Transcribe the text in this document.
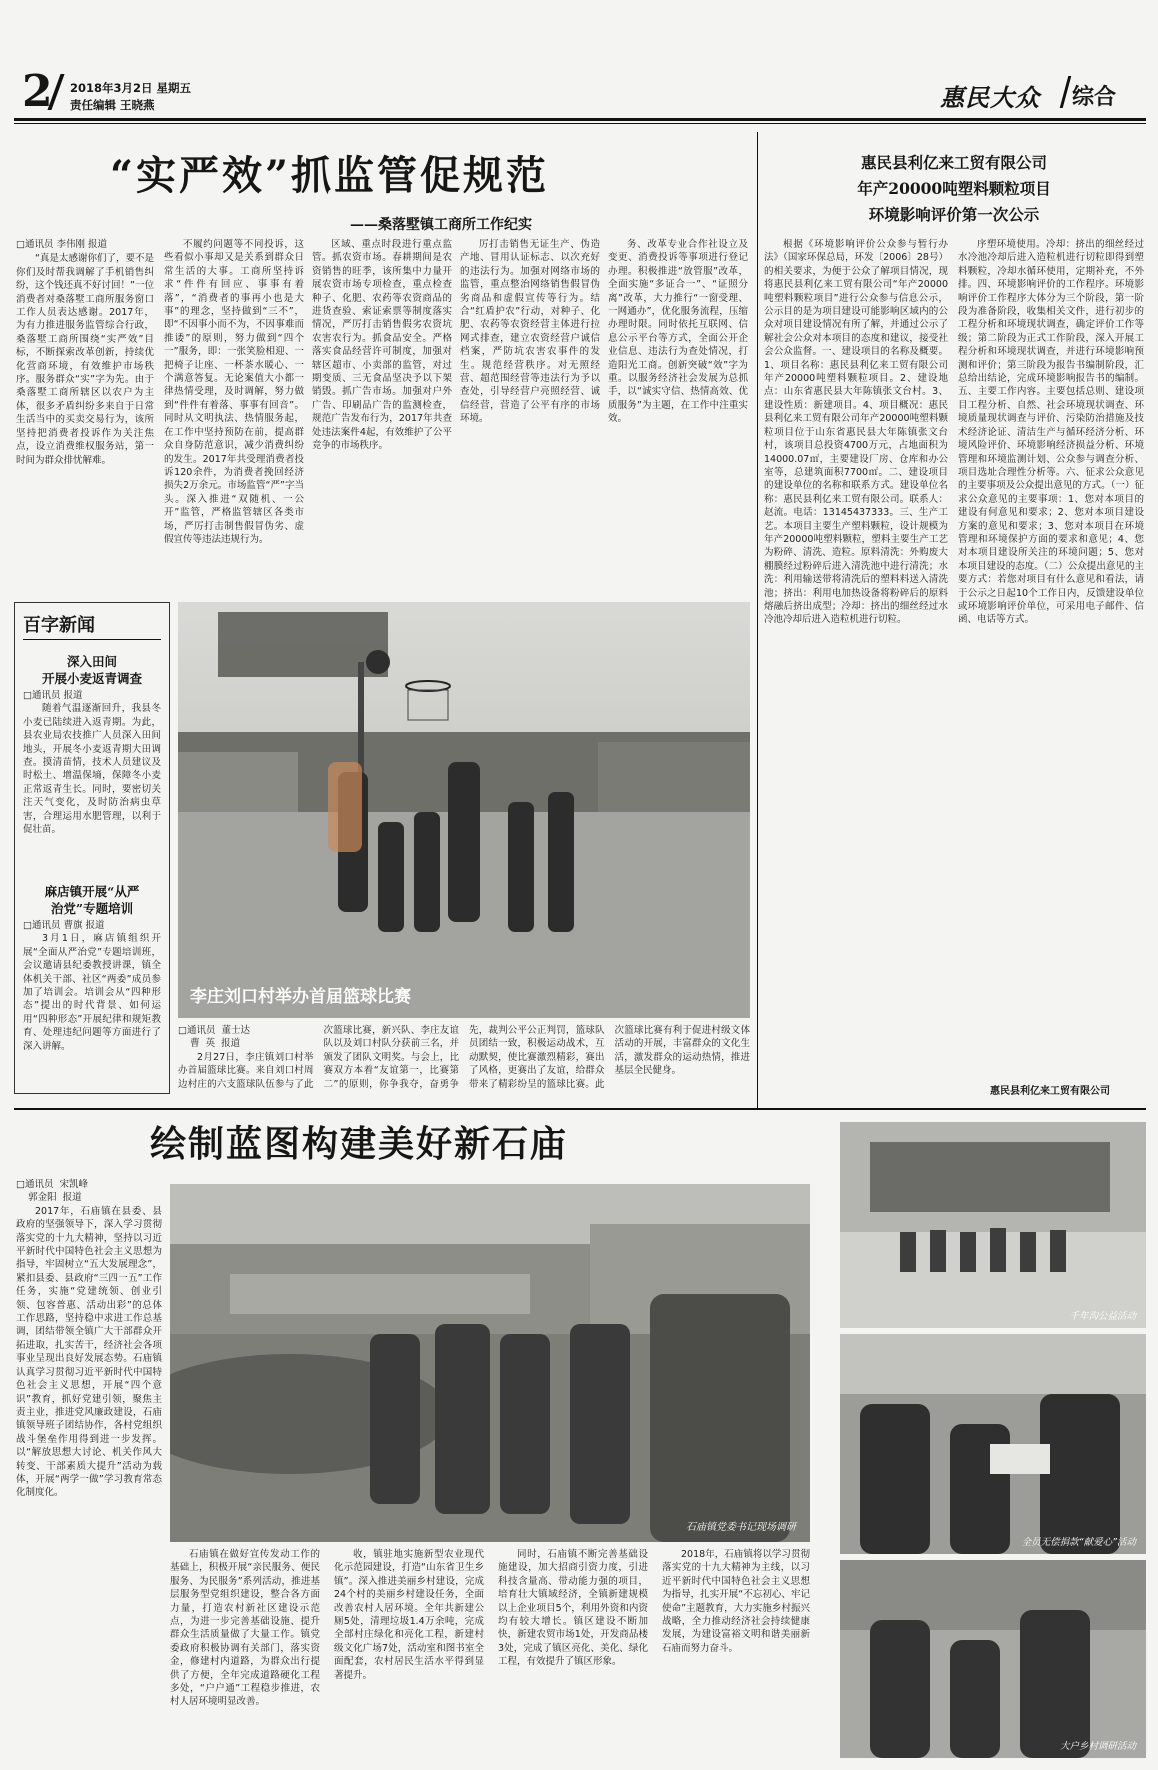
2 2018年3月2日 星期五
责任编辑 王晓燕	惠民大众 综合
“实严效”抓监管促规范
——桑落墅镇工商所工作纪实
□通讯员 李伟刚 报道

“真是太感谢你们了，要不是你们及时帮我调解了手机销售纠纷，这个钱还真不好讨回！”一位消费者对桑落墅工商所服务窗口工作人员表达感谢。2017年，为有力推进服务监管综合行政，桑落墅工商所围绕“实严效”目标，不断探索改革创新，持续优化营商环境，有效维护市场秩序。服务群众“实”字为先。由于桑落墅工商所辖区以农户为主体，很多矛盾纠纷多来自于日常生活当中的买卖交易行为，该所坚持把消费者投诉作为关注焦点，设立消费维权服务站，第一时间为群众排忧解难。

不履约问题等不同投诉，这些看似小事却又是关系到群众日常生活的大事。工商所坚持诉求“件件有回应、事事有着落”，“消费者的事再小也是大事”的理念，坚持做到“三不”，即“不因事小而不为，不因事难而推诿”的原则，努力做到“四个一”服务，即：一张笑脸相迎、一把椅子让座、一杯茶水暖心、一个满意答复。无论案值大小都一律热情受理，及时调解，努力做到“件件有着落、事事有回音”。同时从文明执法、热情服务起，在工作中坚持预防在前，提高群众自身防范意识，减少消费纠纷的发生。2017年共受理消费者投诉120余件，为消费者挽回经济损失2万余元。市场监管“严”字当头。深入推进“双随机、一公开”监管，严格监管辖区各类市场，严厉打击制售假冒伪劣、虚假宣传等违法违规行为。

区域、重点时段进行重点监管。抓农资市场。春耕期间是农资销售的旺季，该所集中力量开展农资市场专项检查，重点检查种子、化肥、农药等农资商品的进货查验、索证索票等制度落实情况，严厉打击销售假劣农资坑农害农行为。抓食品安全。严格落实食品经营许可制度，加强对辖区超市、小卖部的监管，对过期变质、三无食品坚决予以下架销毁。抓广告市场。加强对户外广告、印刷品广告的监测检查，规范广告发布行为，2017年共查处违法案件4起，有效维护了公平竞争的市场秩序。

厉打击销售无证生产、伪造产地、冒用认证标志、以次充好的违法行为。加强对网络市场的监管，重点整治网络销售假冒伪劣商品和虚假宣传等行为。结合“红盾护农”行动，对种子、化肥、农药等农资经营主体进行拉网式排查，建立农资经营户诚信档案，严防坑农害农事件的发生。规范经营秩序。对无照经营、超范围经营等违法行为予以查处，引导经营户亮照经营、诚信经营，营造了公平有序的市场环境。

务、改革专业合作社设立及变更、消费投诉等事项进行登记办理。积极推进“放管服”改革，全面实施“多证合一”、“证照分离”改革，大力推行“一窗受理、一网通办”，优化服务流程，压缩办理时限。同时依托互联网、信息公示平台等方式，全面公开企业信息、违法行为查处情况，打造阳光工商。创新突破“效”字为重。以服务经济社会发展为总抓手，以“诚实守信、热情高效、优质服务”为主题，在工作中注重实效。

惠民县利亿来工贸有限公司
年产20000吨塑料颗粒项目
环境影响评价第一次公示

根据《环境影响评价公众参与暂行办法》（国家环保总局，环发〔2006〕28号）的相关要求，为便于公众了解项目情况，现将惠民县利亿来工贸有限公司“年产20000吨塑料颗粒项目”进行公众参与信息公示，公示目的是为项目建设可能影响区域内的公众对项目建设情况有所了解，并通过公示了解社会公众对本项目的态度和建议，接受社会公众监督。一、建设项目的名称及概要。1、项目名称：惠民县利亿来工贸有限公司年产20000吨塑料颗粒项目。2、建设地点：山东省惠民县大年陈镇张文台村。3、建设性质：新建项目。4、项目概况：惠民县利亿来工贸有限公司年产20000吨塑料颗粒项目位于山东省惠民县大年陈镇张文台村，该项目总投资4700万元，占地面积为14000.07㎡，主要建设厂房、仓库和办公室等，总建筑面积7700㎡。二、建设项目的建设单位的名称和联系方式。建设单位名称：惠民县利亿来工贸有限公司。联系人：赵流。电话：13145437333。三、生产工艺。本项目主要生产塑料颗粒，设计规模为年产20000吨塑料颗粒，塑料主要生产工艺为粉碎、清洗、造粒。原料清洗：外购废大棚膜经过粉碎后进入清洗池中进行清洗；水洗：利用输送带将清洗后的塑料料送入清洗池；挤出：利用电加热设备将粉碎后的原料熔融后挤出成型；冷却：挤出的细丝经过水冷池冷却后进入造粒机进行切粒。

序塑环境使用。冷却：挤出的细丝经过水冷池冷却后进入造粒机进行切粒即得到塑料颗粒，冷却水循环使用，定期补充，不外排。四、环境影响评价的工作程序。环境影响评价工作程序大体分为三个阶段，第一阶段为准备阶段，收集相关文件，进行初步的工程分析和环境现状调查，确定评价工作等级；第二阶段为正式工作阶段，深入开展工程分析和环境现状调查，并进行环境影响预测和评价；第三阶段为报告书编制阶段，汇总给出结论，完成环境影响报告书的编制。五、主要工作内容。主要包括总则、建设项目工程分析、自然、社会环境现状调查、环境质量现状调查与评价、污染防治措施及技术经济论证、清洁生产与循环经济分析、环境风险评价、环境影响经济损益分析、环境管理和环境监测计划、公众参与调查分析、项目选址合理性分析等。六、征求公众意见的主要事项及公众提出意见的方式。（一）征求公众意见的主要事项：1、您对本项目的建设有何意见和要求；2、您对本项目建设方案的意见和要求；3、您对本项目在环境管理和环境保护方面的要求和意见；4、您对本项目建设所关注的环境问题；5、您对本项目建设的态度。（二）公众提出意见的主要方式：若您对项目有什么意见和看法，请于公示之日起10个工作日内，反馈建设单位或环境影响评价单位，可采用电子邮件、信函、电话等方式。

惠民县利亿来工贸有限公司
百字新闻
深入田间
开展小麦返青调查
□通讯员 报道

随着气温逐渐回升，我县冬小麦已陆续进入返青期。为此，县农业局农技推广人员深入田间地头，开展冬小麦返青期大田调查。摸清苗情，技术人员建议及时松土、增温保墒，保障冬小麦正常返青生长。同时，要密切关注天气变化，及时防治病虫草害，合理运用水肥管理，以利于促壮苗。

麻店镇开展“从严
治党”专题培训
□通讯员 曹旗 报道

3月1日，麻店镇组织开展“全面从严治党”专题培训班，会议邀请县纪委教授讲课，镇全体机关干部、社区“两委”成员参加了培训会。培训会从“四种形态”提出的时代背景、如何运用“四种形态”开展纪律和规矩教育、处理违纪问题等方面进行了深入讲解。

李庄刘口村举办首届篮球比赛
□通讯员  董士达
曹  英  报道

2月27日，李庄镇刘口村举办首届篮球比赛。来自刘口村周边村庄的六支篮球队伍参与了此次篮球比赛，新兴队、李庄友谊队以及刘口村队分获前三名，并颁发了团队文明奖。与会上，比赛双方本着“友谊第一，比赛第二”的原则，你争我夺，奋勇争先，裁判公平公正判罚，篮球队员团结一致，积极运动战术，互动默契，使比赛激烈精彩，赛出了风格，更赛出了友谊，给群众带来了精彩纷呈的篮球比赛。此次篮球比赛有利于促进村级文体活动的开展，丰富群众的文化生活，激发群众的运动热情，推进基层全民健身。

绘制蓝图构建美好新石庙
□通讯员  宋凯峰
郭金阳  报道

2017年，石庙镇在县委、县政府的坚强领导下，深入学习贯彻落实党的十九大精神，坚持以习近平新时代中国特色社会主义思想为指导，牢固树立“五大发展理念”，紧扣县委、县政府“三四一五”工作任务，实施“党建统领、创业引领、包容普惠、活动出彩”的总体工作思路，坚持稳中求进工作总基调，团结带领全镇广大干部群众开拓进取，扎实苦干，经济社会各项事业呈现出良好发展态势。石庙镇认真学习贯彻习近平新时代中国特色社会主义思想，开展“四个意识”教育，抓好党建引领，聚焦主责主业，推进党风廉政建设，石庙镇领导班子团结协作，各村党组织战斗堡垒作用得到进一步发挥。以“解放思想大讨论、机关作风大转变、干部素质大提升”活动为载体，开展“两学一做”学习教育常态化制度化。

石庙镇党委书记现场调研

石庙镇在做好宣传发动工作的基础上，积极开展“亲民服务、便民服务、为民服务”系列活动，推进基层服务型党组织建设，整合各方面力量，打造农村新社区建设示范点，为进一步完善基础设施、提升群众生活质量做了大量工作。镇党委政府积极协调有关部门，落实资金，修建村内道路，为群众出行提供了方便，全年完成道路硬化工程多处，“户户通”工程稳步推进，农村人居环境明显改善。

收，镇驻地实施新型农业现代化示范园建设，打造“山东省卫生乡镇”。深入推进美丽乡村建设，完成24个村的美丽乡村建设任务，全面改善农村人居环境。全年共新建公厕5处，清理垃圾1.4万余吨，完成全部村庄绿化和亮化工程，新建村级文化广场7处，活动室和图书室全面配套，农村居民生活水平得到显著提升。

同时，石庙镇不断完善基础设施建设，加大招商引资力度，引进科技含量高、带动能力强的项目，培育壮大镇域经济，全镇新建规模以上企业项目5个，利用外资和内资均有较大增长。镇区建设不断加快，新建农贸市场1处，开发商品楼3处，完成了镇区亮化、美化、绿化工程，有效提升了镇区形象。

2018年，石庙镇将以学习贯彻落实党的十九大精神为主线，以习近平新时代中国特色社会主义思想为指导，扎实开展“不忘初心、牢记使命”主题教育，大力实施乡村振兴战略，全力推动经济社会持续健康发展，为建设富裕文明和谐美丽新石庙而努力奋斗。

千年沟公益活动
全员无偿捐款“献爱心”活动
大户乡村调研活动
